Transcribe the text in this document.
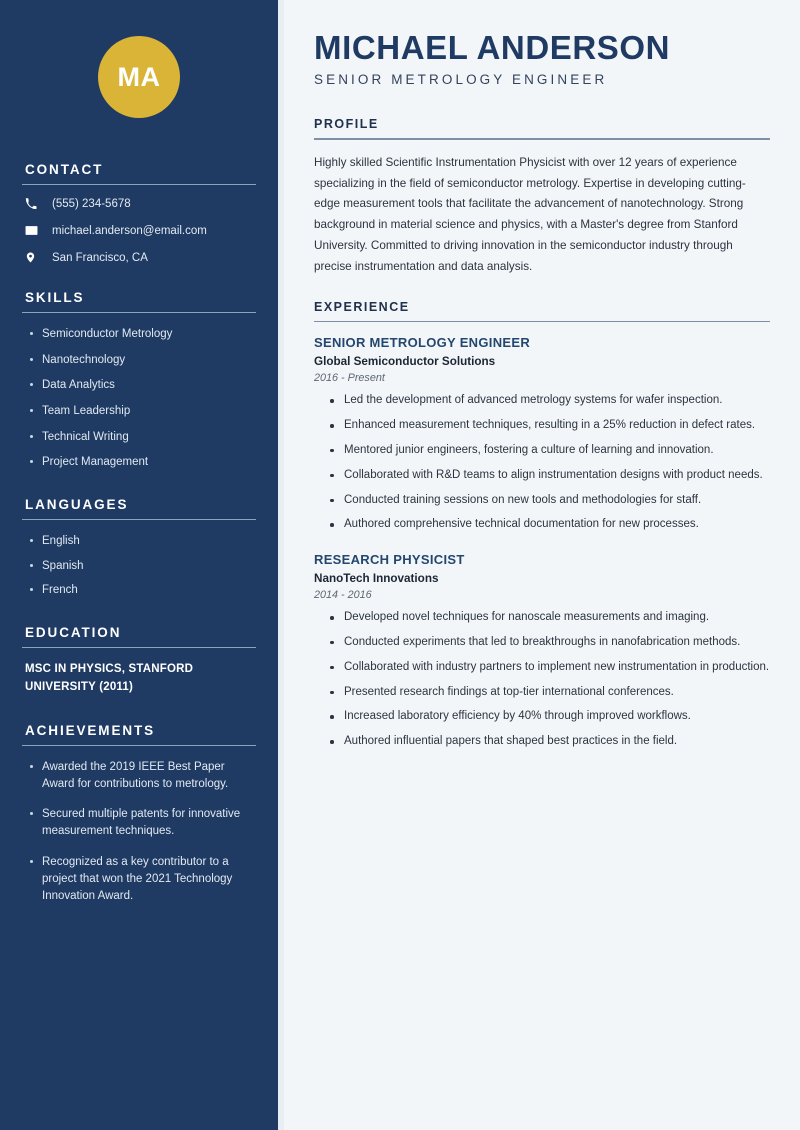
MA
CONTACT
(555) 234-5678
michael.anderson@email.com
San Francisco, CA
SKILLS
Semiconductor Metrology
Nanotechnology
Data Analytics
Team Leadership
Technical Writing
Project Management
LANGUAGES
English
Spanish
French
EDUCATION
MSC IN PHYSICS, STANFORD UNIVERSITY (2011)
ACHIEVEMENTS
Awarded the 2019 IEEE Best Paper Award for contributions to metrology.
Secured multiple patents for innovative measurement techniques.
Recognized as a key contributor to a project that won the 2021 Technology Innovation Award.
MICHAEL ANDERSON
SENIOR METROLOGY ENGINEER
PROFILE

Highly skilled Scientific Instrumentation Physicist with over 12 years of experience specializing in the field of semiconductor metrology. Expertise in developing cutting-edge measurement tools that facilitate the advancement of nanotechnology. Strong background in material science and physics, with a Master's degree from Stanford University. Committed to driving innovation in the semiconductor industry through precise instrumentation and data analysis.

EXPERIENCE
SENIOR METROLOGY ENGINEER
Global Semiconductor Solutions
2016 - Present
Led the development of advanced metrology systems for wafer inspection.
Enhanced measurement techniques, resulting in a 25% reduction in defect rates.
Mentored junior engineers, fostering a culture of learning and innovation.
Collaborated with R&D teams to align instrumentation designs with product needs.
Conducted training sessions on new tools and methodologies for staff.
Authored comprehensive technical documentation for new processes.
RESEARCH PHYSICIST
NanoTech Innovations
2014 - 2016
Developed novel techniques for nanoscale measurements and imaging.
Conducted experiments that led to breakthroughs in nanofabrication methods.
Collaborated with industry partners to implement new instrumentation in production.
Presented research findings at top-tier international conferences.
Increased laboratory efficiency by 40% through improved workflows.
Authored influential papers that shaped best practices in the field.
